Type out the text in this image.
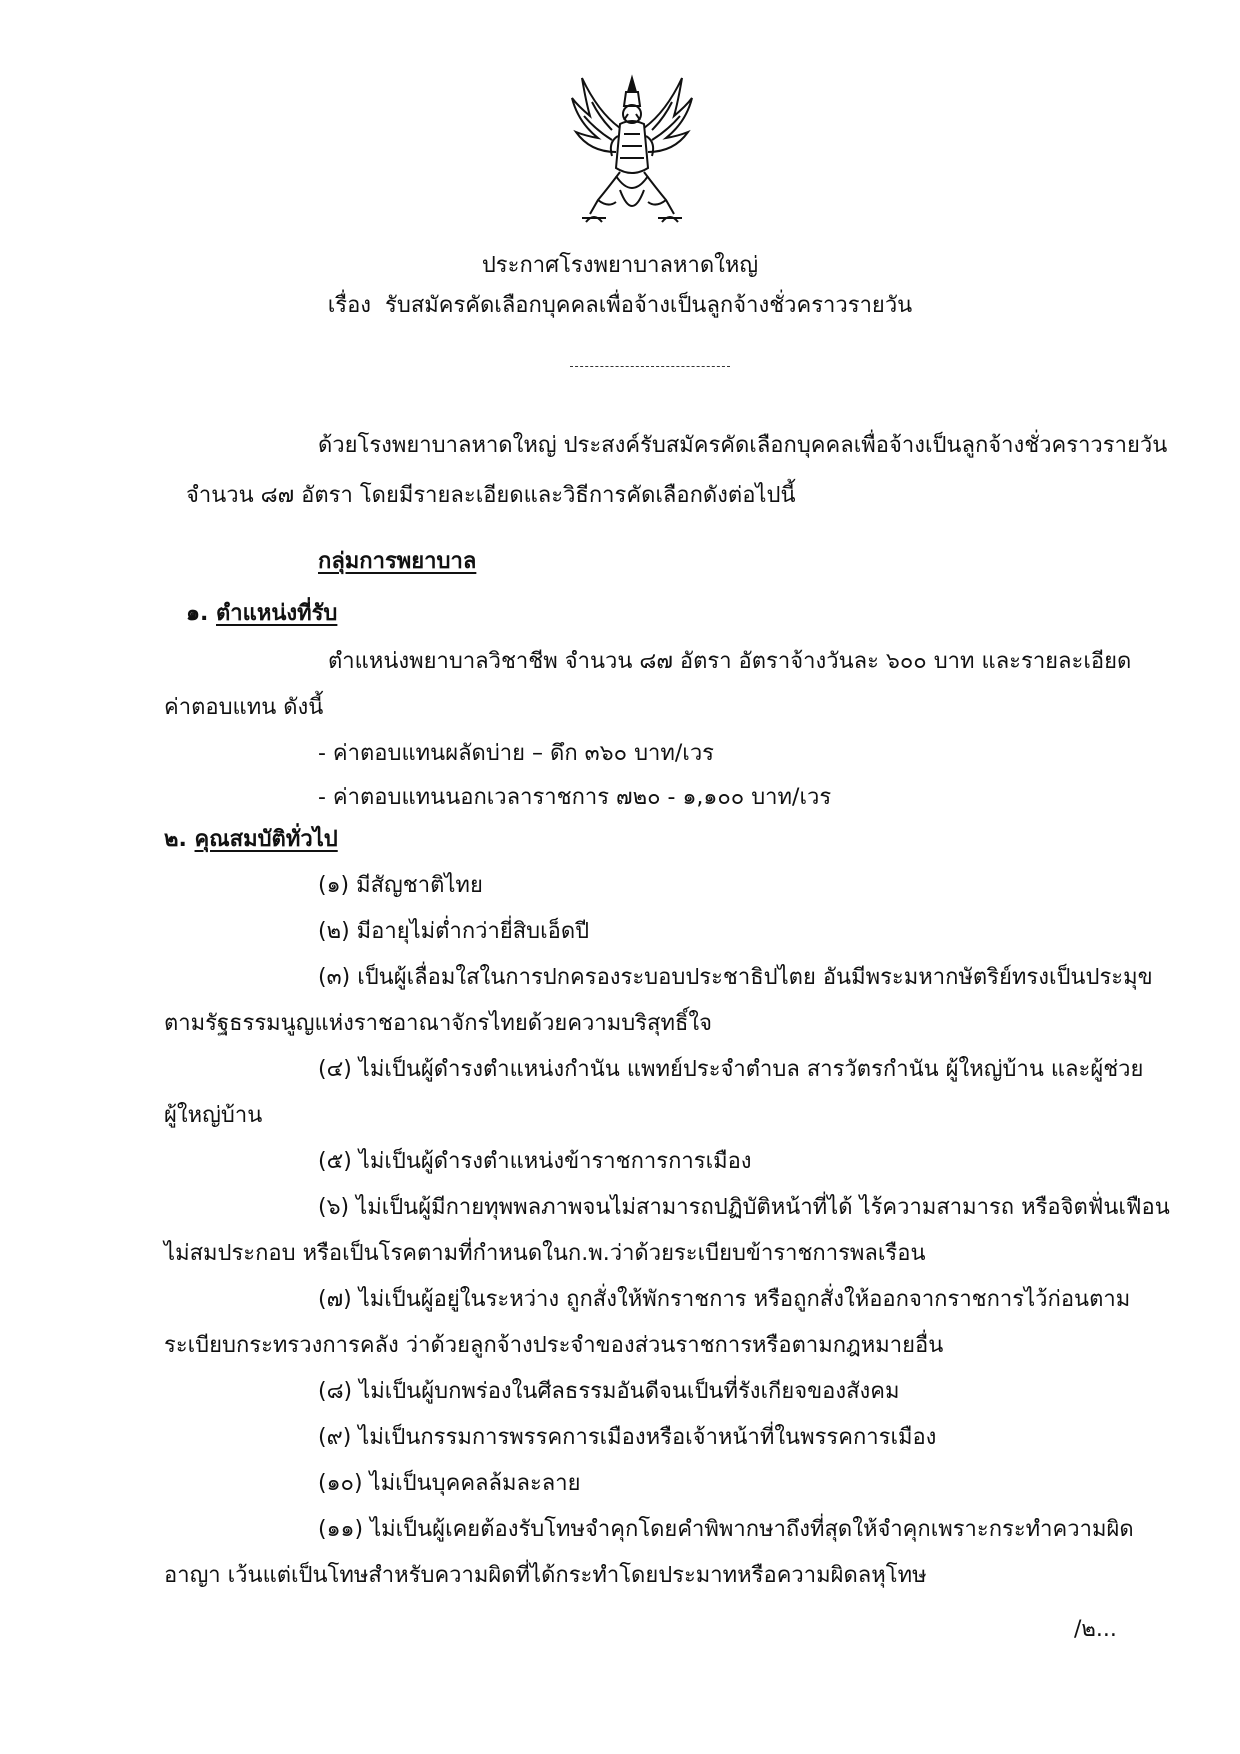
ประกาศโรงพยาบาลหาดใหญ่
เรื่อง รับสมัครคัดเลือกบุคคลเพื่อจ้างเป็นลูกจ้างชั่วคราวรายวัน
ด้วยโรงพยาบาลหาดใหญ่ ประสงค์รับสมัครคัดเลือกบุคคลเพื่อจ้างเป็นลูกจ้างชั่วคราวรายวัน
จำนวน ๘๗ อัตรา โดยมีรายละเอียดและวิธีการคัดเลือกดังต่อไปนี้
กลุ่มการพยาบาล
๑. ตำแหน่งที่รับ
ตำแหน่งพยาบาลวิชาชีพ จำนวน ๘๗ อัตรา อัตราจ้างวันละ ๖๐๐ บาท และรายละเอียด
ค่าตอบแทน ดังนี้
- ค่าตอบแทนผลัดบ่าย – ดึก ๓๖๐ บาท/เวร
- ค่าตอบแทนนอกเวลาราชการ ๗๒๐ - ๑,๑๐๐ บาท/เวร
๒. คุณสมบัติทั่วไป
(๑) มีสัญชาติไทย
(๒) มีอายุไม่ต่ำกว่ายี่สิบเอ็ดปี
(๓) เป็นผู้เลื่อมใสในการปกครองระบอบประชาธิปไตย อันมีพระมหากษัตริย์ทรงเป็นประมุข
ตามรัฐธรรมนูญแห่งราชอาณาจักรไทยด้วยความบริสุทธิ์ใจ
(๔) ไม่เป็นผู้ดำรงตำแหน่งกำนัน แพทย์ประจำตำบล สารวัตรกำนัน ผู้ใหญ่บ้าน และผู้ช่วย
ผู้ใหญ่บ้าน
(๕) ไม่เป็นผู้ดำรงตำแหน่งข้าราชการการเมือง
(๖) ไม่เป็นผู้มีกายทุพพลภาพจนไม่สามารถปฏิบัติหน้าที่ได้ ไร้ความสามารถ หรือจิตฟั่นเฟือน
ไม่สมประกอบ หรือเป็นโรคตามที่กำหนดในก.พ.ว่าด้วยระเบียบข้าราชการพลเรือน
(๗) ไม่เป็นผู้อยู่ในระหว่าง ถูกสั่งให้พักราชการ หรือถูกสั่งให้ออกจากราชการไว้ก่อนตาม
ระเบียบกระทรวงการคลัง ว่าด้วยลูกจ้างประจำของส่วนราชการหรือตามกฎหมายอื่น
(๘) ไม่เป็นผู้บกพร่องในศีลธรรมอันดีจนเป็นที่รังเกียจของสังคม
(๙) ไม่เป็นกรรมการพรรคการเมืองหรือเจ้าหน้าที่ในพรรคการเมือง
(๑๐) ไม่เป็นบุคคลล้มละลาย
(๑๑) ไม่เป็นผู้เคยต้องรับโทษจำคุกโดยคำพิพากษาถึงที่สุดให้จำคุกเพราะกระทำความผิด
อาญา เว้นแต่เป็นโทษสำหรับความผิดที่ได้กระทำโดยประมาทหรือความผิดลหุโทษ
/๒...
